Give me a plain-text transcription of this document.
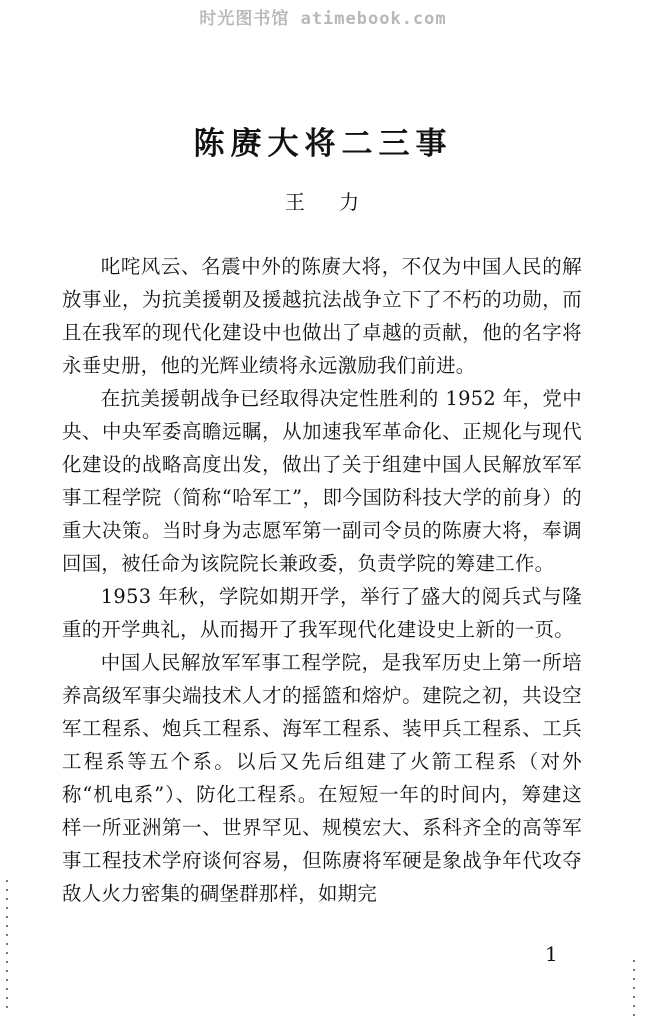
时光图书馆 atimebook.com
陈赓大将二三事
王 力

叱咤风云、名震中外的陈赓大将，不仅为中国人民的解放事业，为抗美援朝及援越抗法战争立下了不朽的功勋，而且在我军的现代化建设中也做出了卓越的贡献，他的名字将永垂史册，他的光辉业绩将永远激励我们前进。

在抗美援朝战争已经取得决定性胜利的 1952 年，党中央、中央军委高瞻远瞩，从加速我军革命化、正规化与现代化建设的战略高度出发，做出了关于组建中国人民解放军军事工程学院（简称“哈军工”，即今国防科技大学的前身）的重大决策。当时身为志愿军第一副司令员的陈赓大将，奉调回国，被任命为该院院长兼政委，负责学院的筹建工作。

1953 年秋，学院如期开学，举行了盛大的阅兵式与隆重的开学典礼，从而揭开了我军现代化建设史上新的一页。

中国人民解放军军事工程学院，是我军历史上第一所培养高级军事尖端技术人才的摇篮和熔炉。建院之初，共设空军工程系、炮兵工程系、海军工程系、装甲兵工程系、工兵工程系等五个系。以后又先后组建了火箭工程系（对外称“机电系”）、防化工程系。在短短一年的时间内，筹建这样一所亚洲第一、世界罕见、规模宏大、系科齐全的高等军事工程技术学府谈何容易，但陈赓将军硬是象战争年代攻夺敌人火力密集的碉堡群那样，如期完

1
